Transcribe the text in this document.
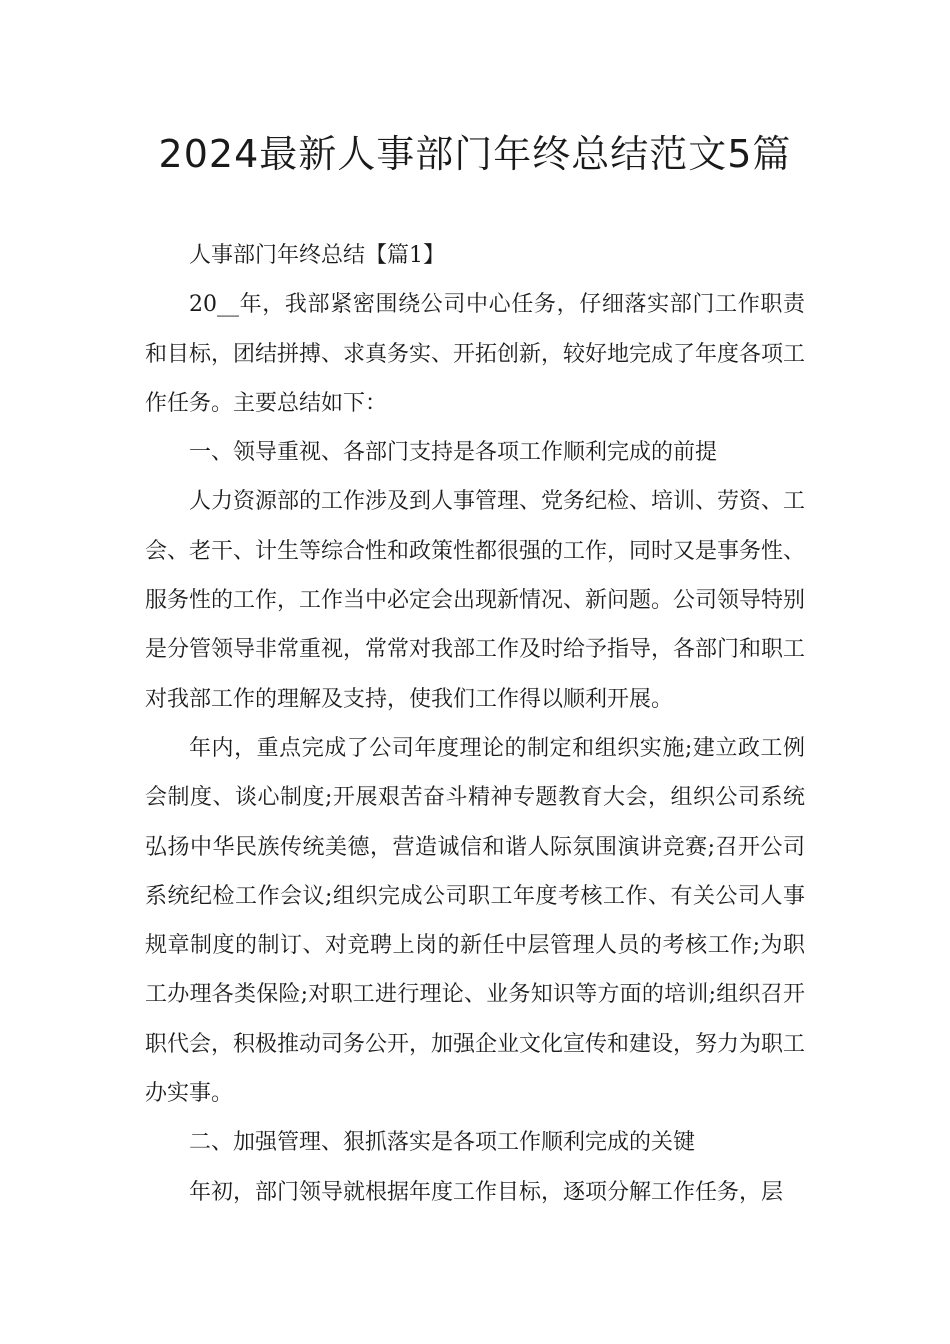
2024最新人事部门年终总结范文5篇

人事部门年终总结【篇1】

20__年，我部紧密围绕公司中心任务，仔细落实部门工作职责和目标，团结拼搏、求真务实、开拓创新，较好地完成了年度各项工作任务。主要总结如下：

一、领导重视、各部门支持是各项工作顺利完成的前提

人力资源部的工作涉及到人事管理、党务纪检、培训、劳资、工会、老干、计生等综合性和政策性都很强的工作，同时又是事务性、服务性的工作，工作当中必定会出现新情况、新问题。公司领导特别是分管领导非常重视，常常对我部工作及时给予指导，各部门和职工对我部工作的理解及支持，使我们工作得以顺利开展。

年内，重点完成了公司年度理论的制定和组织实施;建立政工例会制度、谈心制度;开展艰苦奋斗精神专题教育大会，组织公司系统弘扬中华民族传统美德，营造诚信和谐人际氛围演讲竞赛;召开公司系统纪检工作会议;组织完成公司职工年度考核工作、有关公司人事规章制度的制订、对竞聘上岗的新任中层管理人员的考核工作;为职工办理各类保险;对职工进行理论、业务知识等方面的培训;组织召开职代会，积极推动司务公开，加强企业文化宣传和建设，努力为职工办实事。

二、加强管理、狠抓落实是各项工作顺利完成的关键

年初，部门领导就根据年度工作目标，逐项分解工作任务，层
